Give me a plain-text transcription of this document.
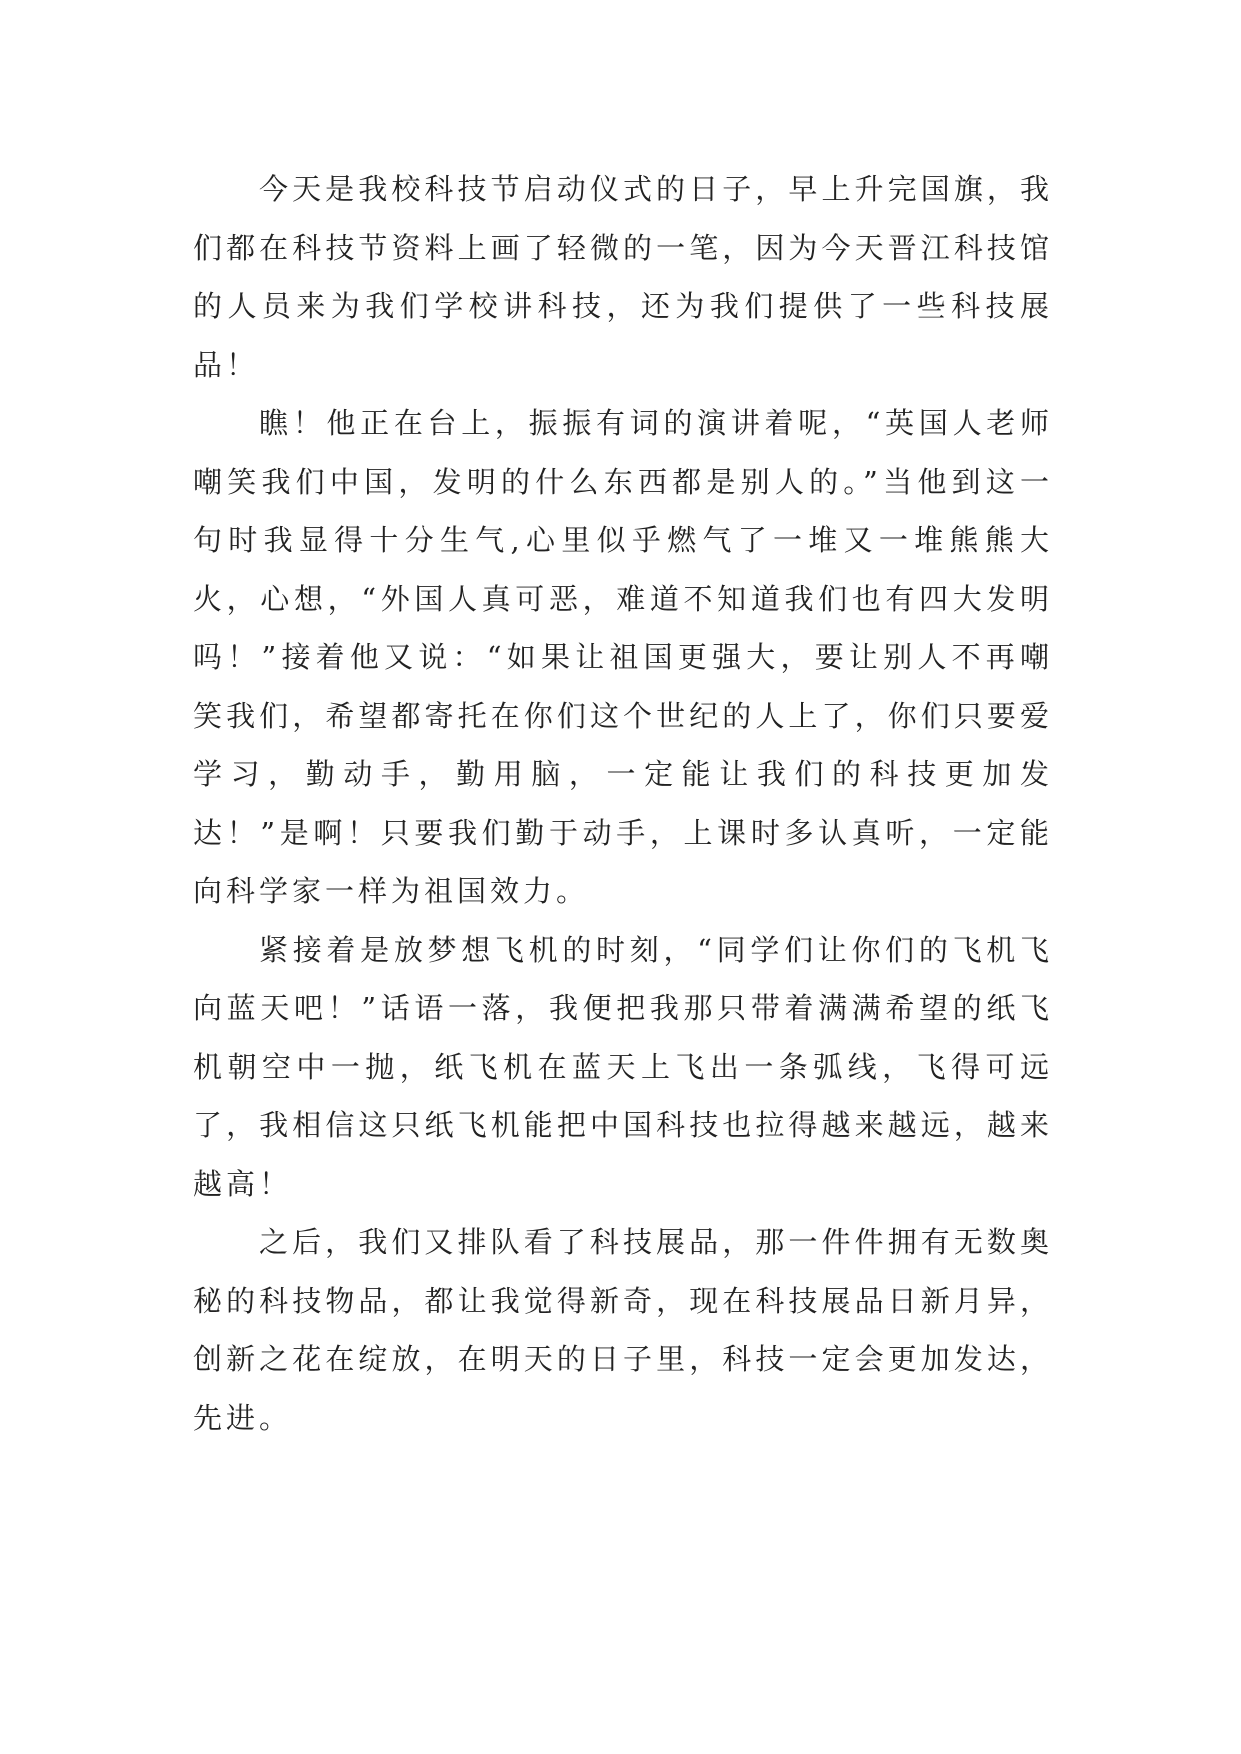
今天是我校科技节启动仪式的日子，早上升完国旗，我们都在科技节资料上画了轻微的一笔，因为今天晋江科技馆的人员来为我们学校讲科技，还为我们提供了一些科技展品！

瞧！他正在台上，振振有词的演讲着呢，“英国人老师嘲笑我们中国，发明的什么东西都是别人的。”当他到这一句时我显得十分生气,心里似乎燃气了一堆又一堆熊熊大火，心想，“外国人真可恶，难道不知道我们也有四大发明吗！”接着他又说：“如果让祖国更强大，要让别人不再嘲笑我们，希望都寄托在你们这个世纪的人上了，你们只要爱学习，勤动手，勤用脑，一定能让我们的科技更加发达！”是啊！只要我们勤于动手，上课时多认真听，一定能向科学家一样为祖国效力。

紧接着是放梦想飞机的时刻，“同学们让你们的飞机飞向蓝天吧！”话语一落，我便把我那只带着满满希望的纸飞机朝空中一抛，纸飞机在蓝天上飞出一条弧线，飞得可远了，我相信这只纸飞机能把中国科技也拉得越来越远，越来越高！

之后，我们又排队看了科技展品，那一件件拥有无数奥秘的科技物品，都让我觉得新奇，现在科技展品日新月异，创新之花在绽放，在明天的日子里，科技一定会更加发达，先进。
